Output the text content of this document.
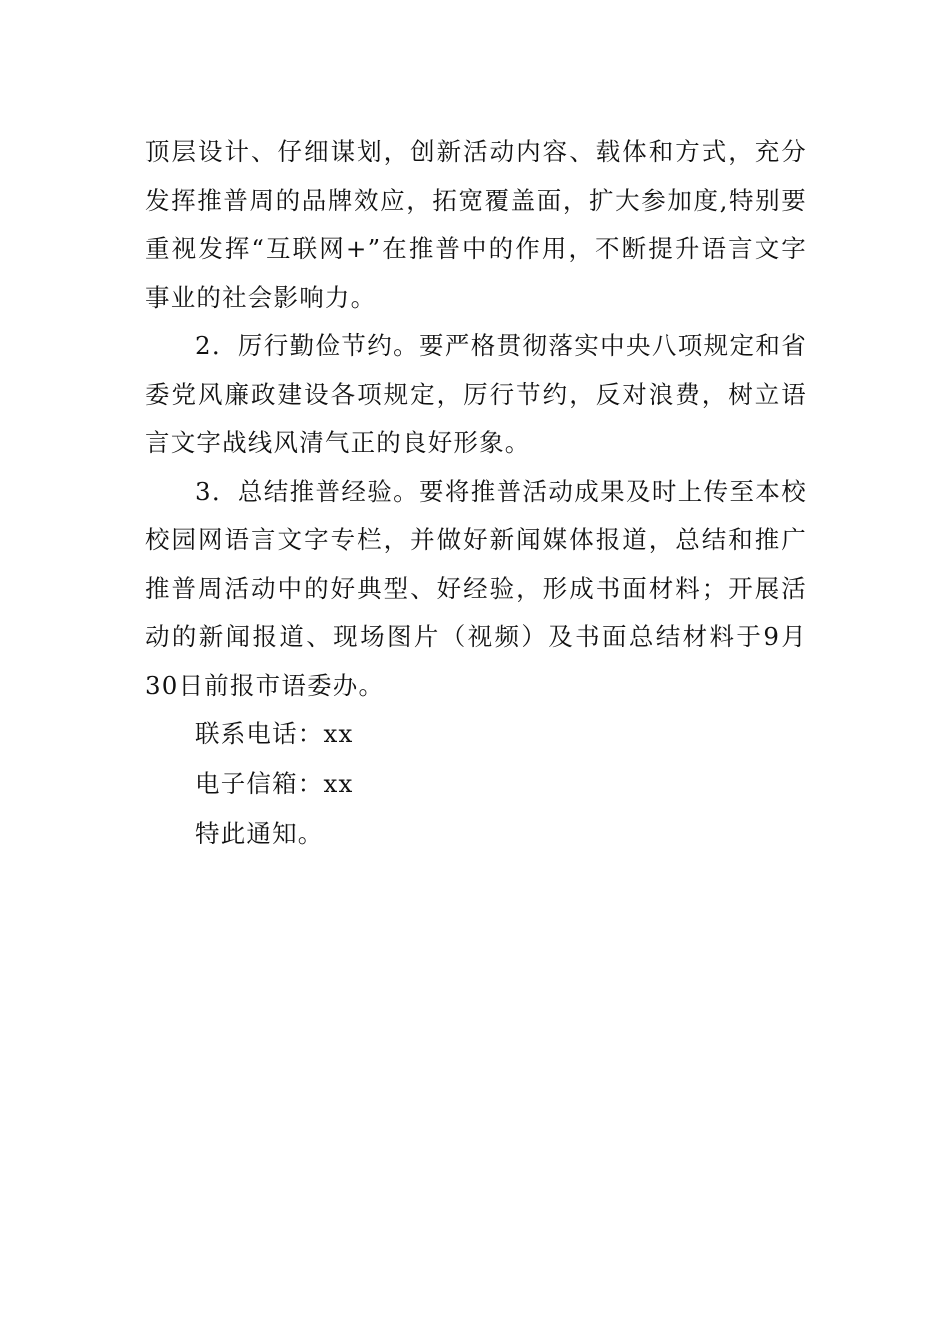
顶层设计、仔细谋划，创新活动内容、载体和方式，充分发挥推普周的品牌效应，拓宽覆盖面，扩大参加度,特别要重视发挥“互联网+”在推普中的作用，不断提升语言文字事业的社会影响力。

2．厉行勤俭节约。要严格贯彻落实中央八项规定和省委党风廉政建设各项规定，厉行节约，反对浪费，树立语言文字战线风清气正的良好形象。

3．总结推普经验。要将推普活动成果及时上传至本校校园网语言文字专栏，并做好新闻媒体报道，总结和推广推普周活动中的好典型、好经验，形成书面材料；开展活动的新闻报道、现场图片（视频）及书面总结材料于9月30日前报市语委办。

联系电话：xx

电子信箱：xx

特此通知。
